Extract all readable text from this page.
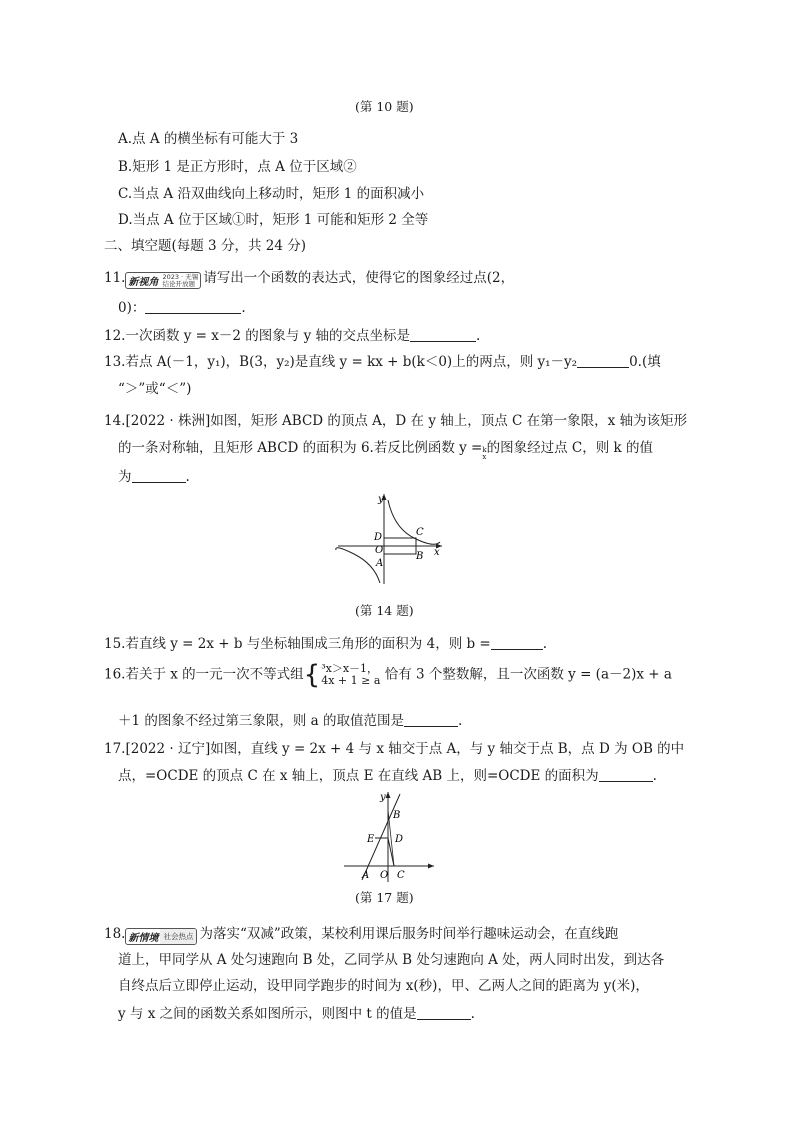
(第 10 题)
A.点 A 的横坐标有可能大于 3
B.矩形 1 是正方形时，点 A 位于区域②
C.当点 A 沿双曲线向上移动时，矩形 1 的面积减小
D.当点 A 位于区域①时，矩形 1 可能和矩形 2 全等
二、填空题(每题 3 分，共 24 分)
11. 新视角
2023 · 无锡
结论开放题 请写出一个函数的表达式，使得它的图象经过点(2，
0)：	.
12.一次函数 y = x－2 的图象与 y 轴的交点坐标是	.
13.若点 A(－1，y₁)，B(3，y₂)是直线 y = kx + b(k＜0)上的两点，则 y₁－y₂	0.(填
“＞”或“＜”)
14.[2022 · 株洲]如图，矩形 ABCD 的顶点 A，D 在 y 轴上，顶点 C 在第一象限，x 轴为该矩形
的一条对称轴，且矩形 ABCD 的面积为 6.若反比例函数 y = k
x
的图象经过点 C，则 k 的值
为	.
y
x
D	C
O
B
A
(第 14 题)
15.若直线 y = 2x + b 与坐标轴围成三角形的面积为 4，则 b =	.
16.若关于 x 的一元一次不等式组 { ³x＞x－1，
4x + 1 ≥ a 恰有 3 个整数解，且一次函数 y = (a－2)x + a
＋1 的图象不经过第三象限，则 a 的取值范围是	.
17.[2022 · 辽宁]如图，直线 y = 2x + 4 与 x 轴交于点 A，与 y 轴交于点 B，点 D 为 OB 的中
点，=OCDE 的顶点 C 在 x 轴上，顶点 E 在直线 AB 上，则=OCDE 的面积为	.
y
B
E D
A O C
(第 17 题)
18. 新情境 社会热点 为落实“双减”政策，某校利用课后服务时间举行趣味运动会，在直线跑
道上，甲同学从 A 处匀速跑向 B 处，乙同学从 B 处匀速跑向 A 处，两人同时出发，到达各
自终点后立即停止运动，设甲同学跑步的时间为 x(秒)，甲、乙两人之间的距离为 y(米)，
y 与 x 之间的函数关系如图所示，则图中 t 的值是	.
